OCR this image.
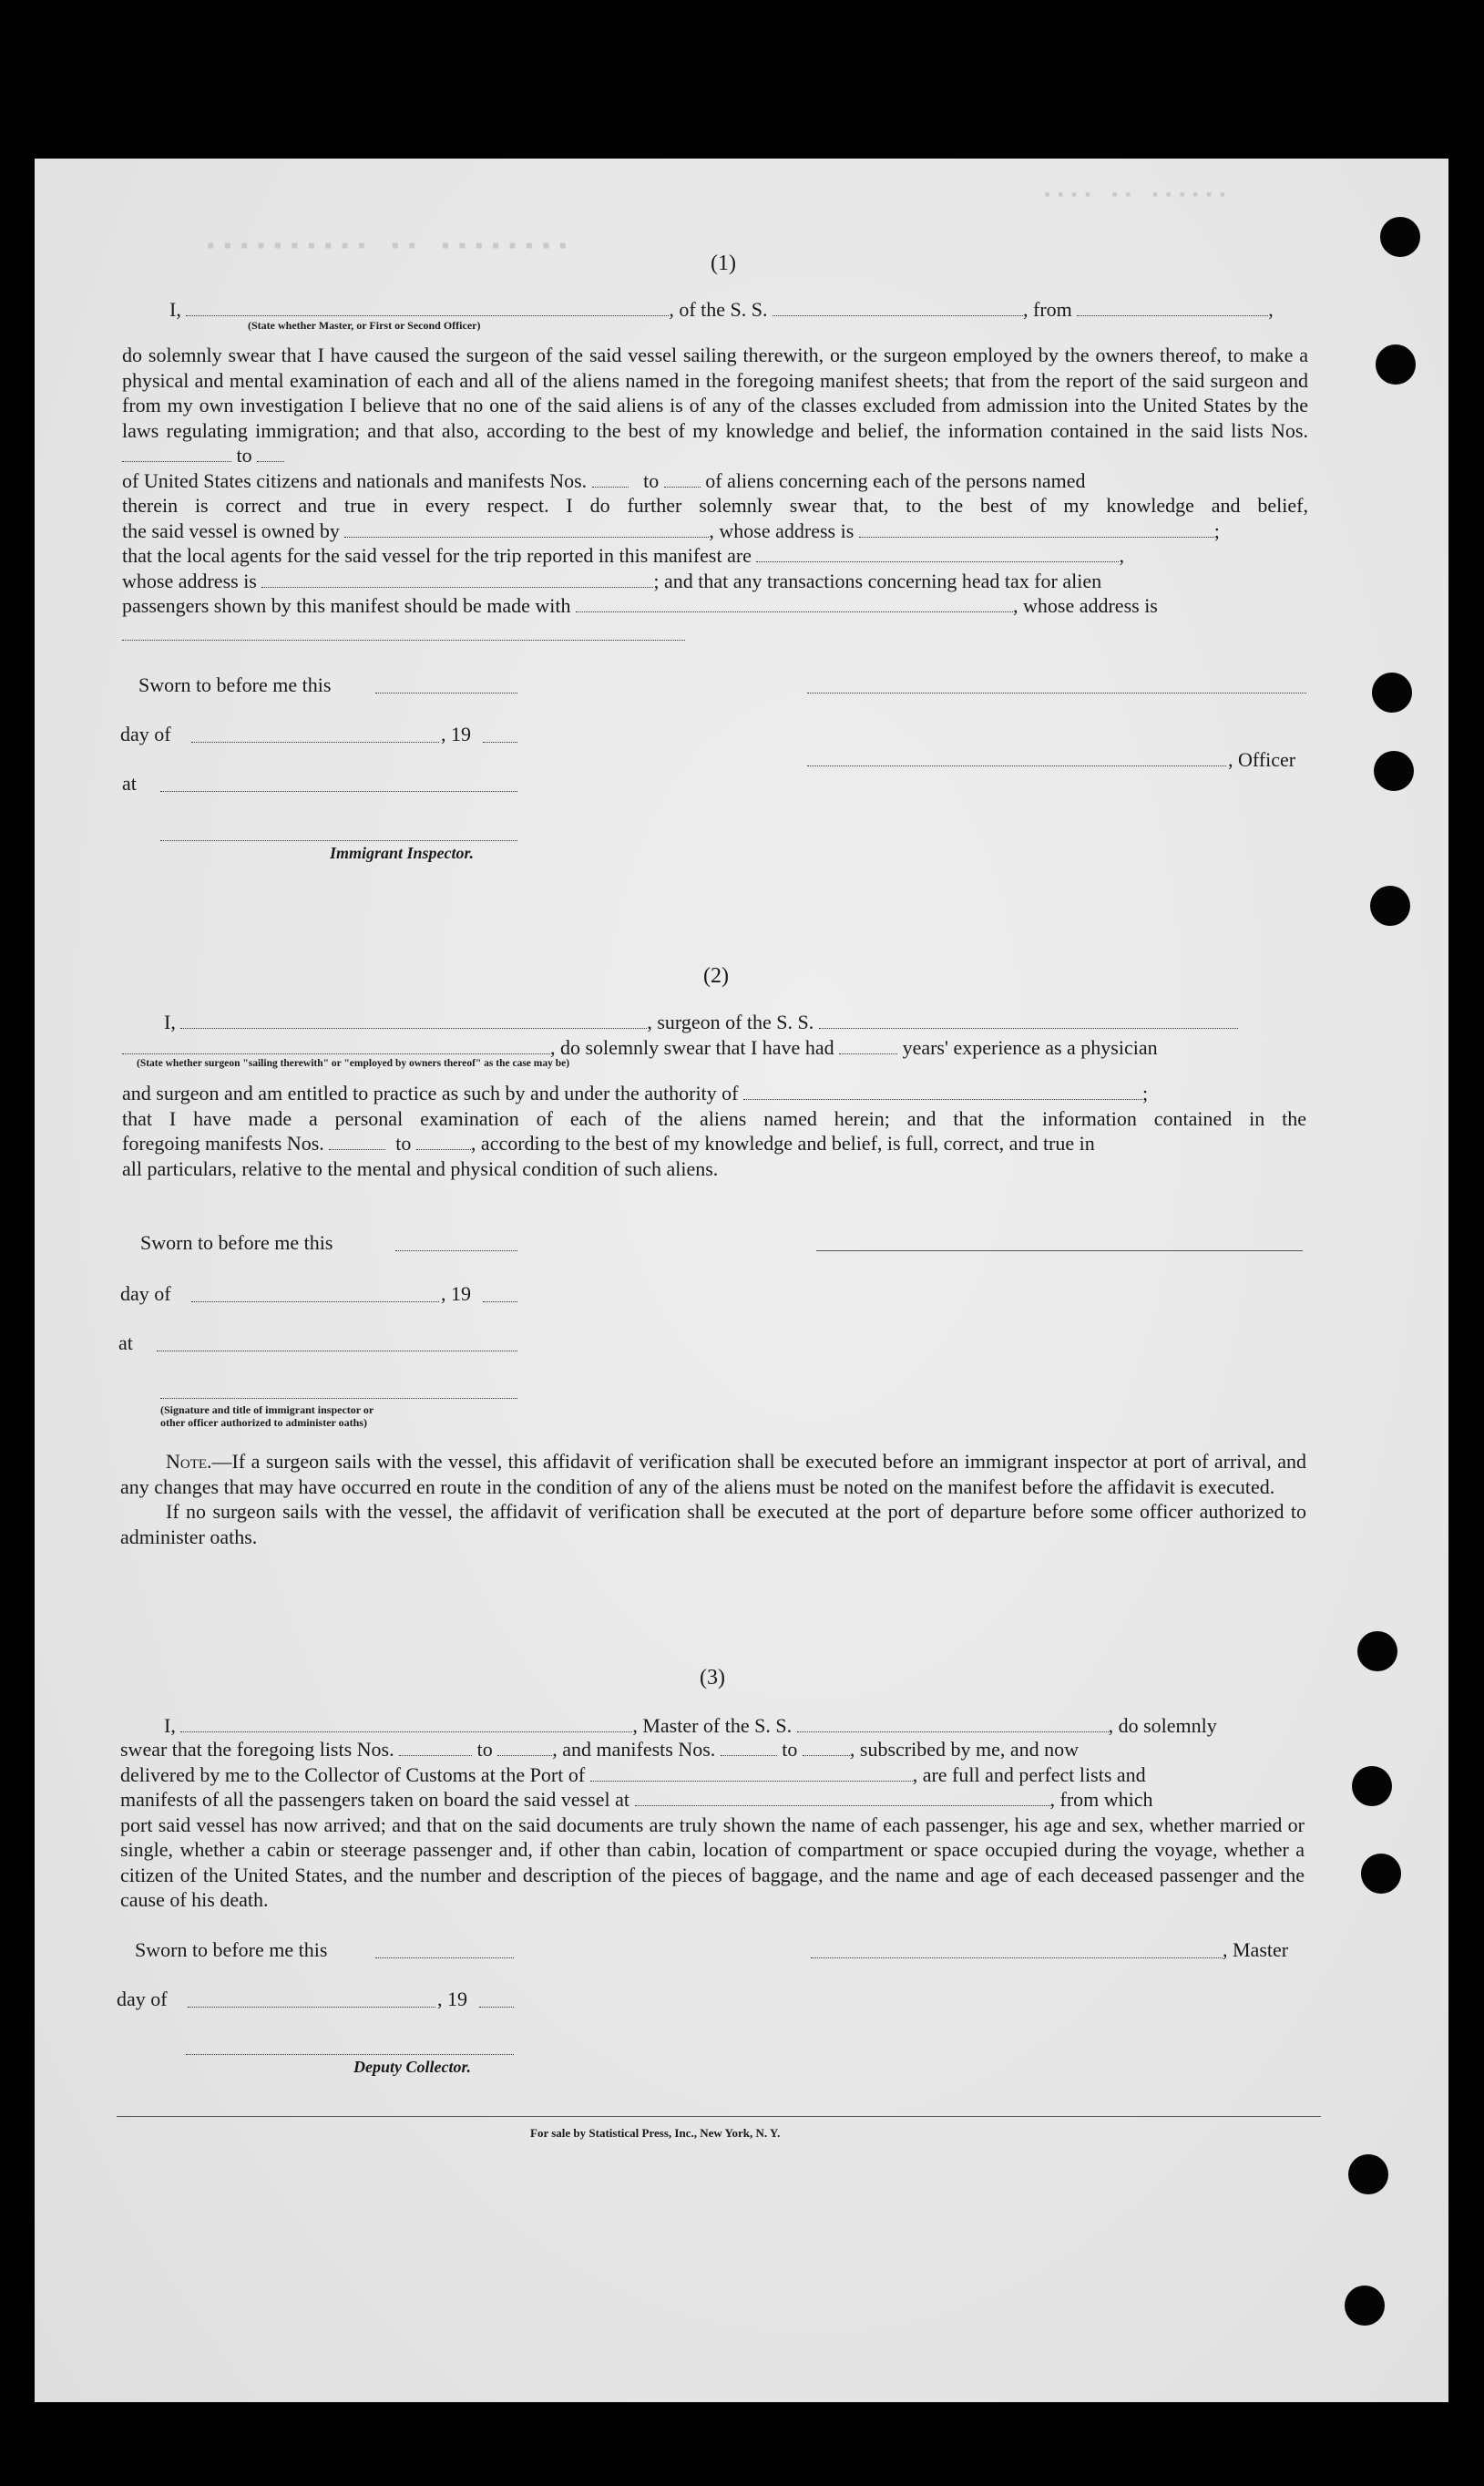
▪▪▪▪▪▪▪▪ ▪▪ ▪▪▪▪▪▪▪▪▪▪
▪▪▪▪▪▪ ▪▪ ▪▪▪▪
(1)
I,	, of the S. S.	, from	,
(State whether Master, or First or Second Officer)

do solemnly swear that I have caused the surgeon of the said vessel sailing therewith, or the surgeon employed by the owners thereof, to make a physical and mental examination of each and all of the aliens named in the foregoing manifest sheets; that from the report of the said surgeon and from my own investigation I believe that no one of the said aliens is of any of the classes excluded from admission into the United States by the laws regulating immigration; and that also, according to the best of my knowledge and belief, the information contained in the said lists Nos.  to

of United States citizens and nationals and manifests Nos.	to of aliens concerning each of the persons named

therein is correct and true in every respect. I do further solemnly swear that, to the best of my knowledge and belief,

the said vessel is owned by	, whose address is	;

that the local agents for the said vessel for the trip reported in this manifest are	,

whose address is	; and that any transactions concerning head tax for alien

passengers shown by this manifest should be made with	, whose address is

Sworn to before me this
day of	, 19
, Officer
at
Immigrant Inspector.
(2)
I,	, surgeon of the S. S.
, do solemnly swear that I have had	years' experience as a physician
(State whether surgeon "sailing therewith" or "employed by owners thereof" as the case may be)

and surgeon and am entitled to practice as such by and under the authority of	;

that I have made a personal examination of each of the aliens named herein; and that the information contained in the

foregoing manifests Nos.	to	, according to the best of my knowledge and belief, is full, correct, and true in

all particulars, relative to the mental and physical condition of such aliens.

Sworn to before me this
day of	, 19
at
(Signature and title of immigrant inspector or
other officer authorized to administer oaths)

Note.—If a surgeon sails with the vessel, this affidavit of verification shall be executed before an immigrant inspector at port of arrival, and any changes that may have occurred en route in the condition of any of the aliens must be noted on the manifest before the affidavit is executed.

If no surgeon sails with the vessel, the affidavit of verification shall be executed at the port of departure before some officer authorized to administer oaths.

(3)
I,	, Master of the S. S.	, do solemnly

swear that the foregoing lists Nos.	to	, and manifests Nos.	to	, subscribed by me, and now

delivered by me to the Collector of Customs at the Port of	, are full and perfect lists and

manifests of all the passengers taken on board the said vessel at	, from which

port said vessel has now arrived; and that on the said documents are truly shown the name of each passenger, his age and sex, whether married or single, whether a cabin or steerage passenger and, if other than cabin, location of compartment or space occupied during the voyage, whether a citizen of the United States, and the number and description of the pieces of baggage, and the name and age of each deceased passenger and the cause of his death.

Sworn to before me this	, Master
day of	, 19
Deputy Collector.
For sale by Statistical Press, Inc., New York, N. Y.
